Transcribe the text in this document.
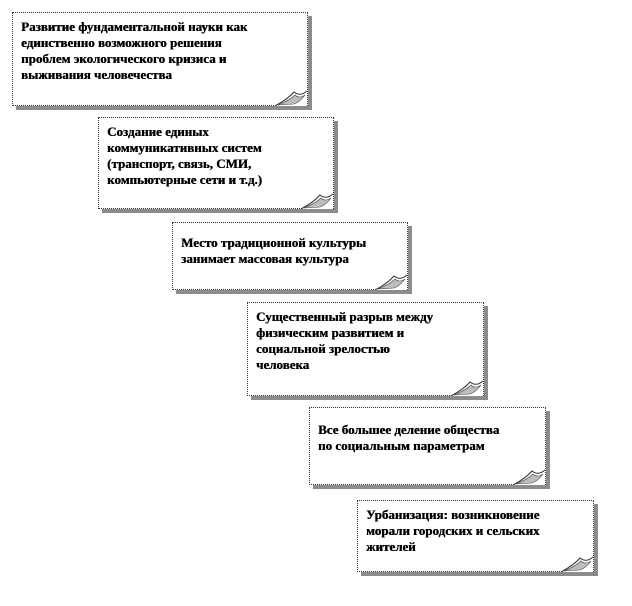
Развитие фундаментальной науки как
единственно возможного решения
проблем экологического кризиса и
выживания человечества

Создание единых
коммуникативных систем
(транспорт, связь, СМИ,
компьютерные сети и т.д.)

Место традиционной культуры
занимает массовая культура

Существенный разрыв между
физическим развитием и
социальной зрелостью
человека

Все большее деление общества
по социальным параметрам

Урбанизация: возникновение
морали городских и сельских
жителей
